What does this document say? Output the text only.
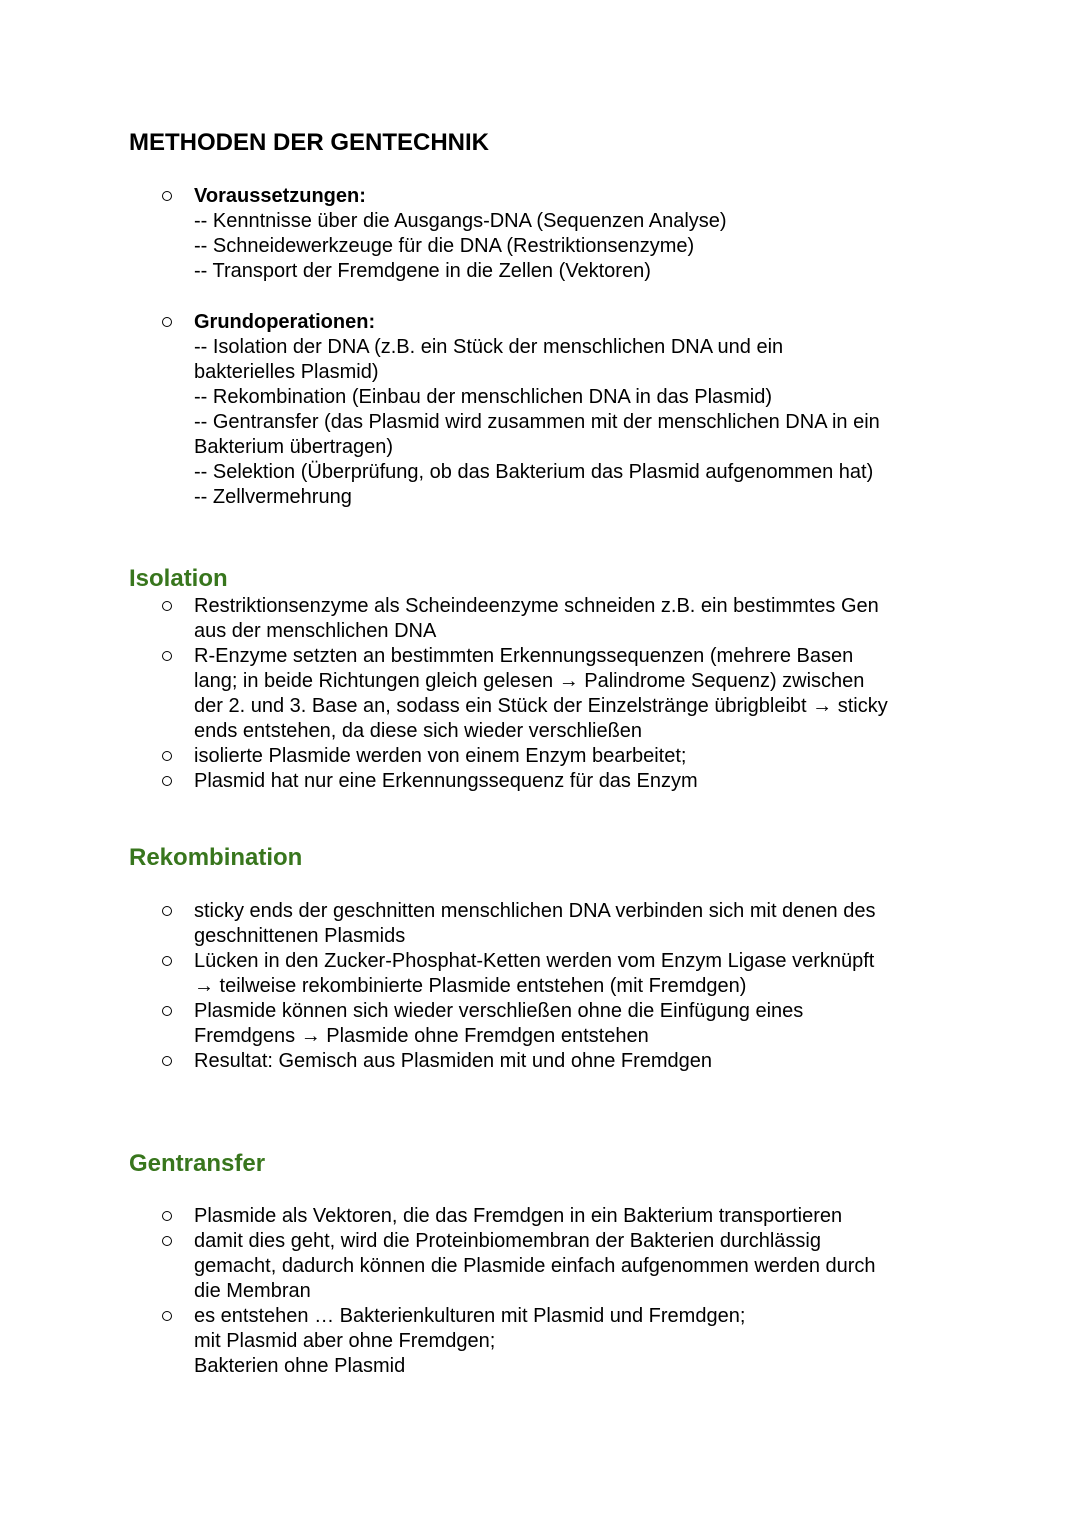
METHODEN DER GENTECHNIK
Voraussetzungen:
-- Kenntnisse über die Ausgangs-DNA (Sequenzen Analyse)
-- Schneidewerkzeuge für die DNA (Restriktionsenzyme)
-- Transport der Fremdgene in die Zellen (Vektoren)
Grundoperationen:
-- Isolation der DNA (z.B. ein Stück der menschlichen DNA und ein
bakterielles Plasmid)
-- Rekombination (Einbau der menschlichen DNA in das Plasmid)
-- Gentransfer (das Plasmid wird zusammen mit der menschlichen DNA in ein
Bakterium übertragen)
-- Selektion (Überprüfung, ob das Bakterium das Plasmid aufgenommen hat)
-- Zellvermehrung
Isolation
Restriktionsenzyme als Scheindeenzyme schneiden z.B. ein bestimmtes Gen
aus der menschlichen DNA
R-Enzyme setzten an bestimmten Erkennungssequenzen (mehrere Basen
lang; in beide Richtungen gleich gelesen → Palindrome Sequenz) zwischen
der 2. und 3. Base an, sodass ein Stück der Einzelstränge übrigbleibt → sticky
ends entstehen, da diese sich wieder verschließen
isolierte Plasmide werden von einem Enzym bearbeitet;
Plasmid hat nur eine Erkennungssequenz für das Enzym
Rekombination
sticky ends der geschnitten menschlichen DNA verbinden sich mit denen des
geschnittenen Plasmids
Lücken in den Zucker-Phosphat-Ketten werden vom Enzym Ligase verknüpft
→ teilweise rekombinierte Plasmide entstehen (mit Fremdgen)
Plasmide können sich wieder verschließen ohne die Einfügung eines
Fremdgens → Plasmide ohne Fremdgen entstehen
Resultat: Gemisch aus Plasmiden mit und ohne Fremdgen
Gentransfer
Plasmide als Vektoren, die das Fremdgen in ein Bakterium transportieren
damit dies geht, wird die Proteinbiomembran der Bakterien durchlässig
gemacht, dadurch können die Plasmide einfach aufgenommen werden durch
die Membran
es entstehen … Bakterienkulturen mit Plasmid und Fremdgen;
mit Plasmid aber ohne Fremdgen;
Bakterien ohne Plasmid
